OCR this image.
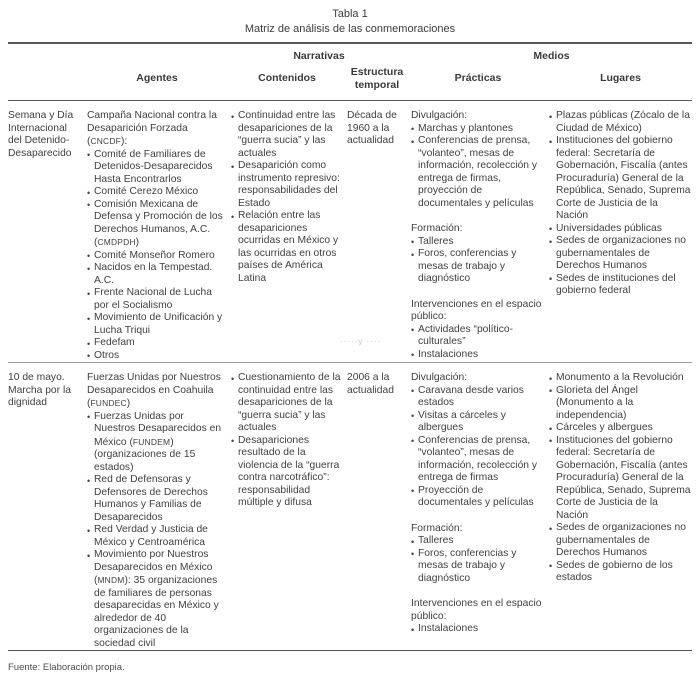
Tabla 1
Matriz de análisis de las conmemoraciones
Narrativas	Medios
Agentes	Contenidos
Estructura temporal
Prácticas	Lugares
Semana y Día Internacional del Detenido-Desaparecido

Campaña Nacional contra la Desaparición Forzada (CNCDF):

• Comité de Familiares de Detenidos-Desaparecidos Hasta Encontrarlos
• Comité Cerezo México
• Comisión Mexicana de Defensa y Promoción de los Derechos Humanos, A.C. (CMDPDH)
• Comité Monseñor Romero
• Nacidos en la Tempestad. A.C.
• Frente Nacional de Lucha por el Socialismo
• Movimiento de Unificación y Lucha Triqui
• Fedefam
• Otros
• Continuidad entre las desapariciones de la “guerra sucia” y las actuales
• Desaparición como instrumento represivo: responsabilidades del Estado
• Relación entre las desapariciones ocurridas en México y las ocurridas en otros países de América Latina
Década de 1960 a la actualidad
Divulgación:
• Marchas y plantones
• Conferencias de prensa, “volanteo”, mesas de información, recolección y entrega de firmas, proyección de documentales y películas
Formación:
• Talleres
• Foros, conferencias y mesas de trabajo y diagnóstico
Intervenciones en el espacio público:
• Actividades “político-culturales”
• Instalaciones
• Plazas públicas (Zócalo de la Ciudad de México)
• Instituciones del gobierno federal: Secretaría de Gobernación, Fiscalía (antes Procuraduría) General de la República, Senado, Suprema Corte de Justicia de la Nación
• Universidades públicas
• Sedes de organizaciones no gubernamentales de Derechos Humanos
• Sedes de instituciones del gobierno federal
10 de mayo. Marcha por la dignidad

Fuerzas Unidas por Nuestros Desaparecidos en Coahuila (FUNDEC)

• Fuerzas Unidas por Nuestros Desaparecidos en México (FUNDEM) (organizaciones de 15 estados)
• Red de Defensoras y Defensores de Derechos Humanos y Familias de Desaparecidos
• Red Verdad y Justicia de México y Centroamérica
• Movimiento por Nuestros Desaparecidos en México (MNDM): 35 organizaciones de familiares de personas desaparecidas en México y alrededor de 40 organizaciones de la sociedad civil
• Cuestionamiento de la continuidad entre las desapariciones de la “guerra sucia” y las actuales
• Desapariciones resultado de la violencia de la “guerra contra narcotráfico”: responsabilidad múltiple y difusa
2006 a la actualidad
Divulgación:
• Caravana desde varios estados
• Visitas a cárceles y albergues
• Conferencias de prensa, “volanteo”, mesas de información, recolección y entrega de firmas
• Proyección de documentales y películas
Formación:
• Talleres
• Foros, conferencias y mesas de trabajo y diagnóstico
Intervenciones en el espacio público:
• Instalaciones
• Monumento a la Revolución
• Glorieta del Ángel (Monumento a la independencia)
• Cárceles y albergues
• Instituciones del gobierno federal: Secretaría de Gobernación, Fiscalía (antes Procuraduría) General de la República, Senado, Suprema Corte de Justicia de la Nación
• Sedes de organizaciones no gubernamentales de Derechos Humanos
• Sedes de gobierno de los estados
Fuente: Elaboración propia.
·····y ····
